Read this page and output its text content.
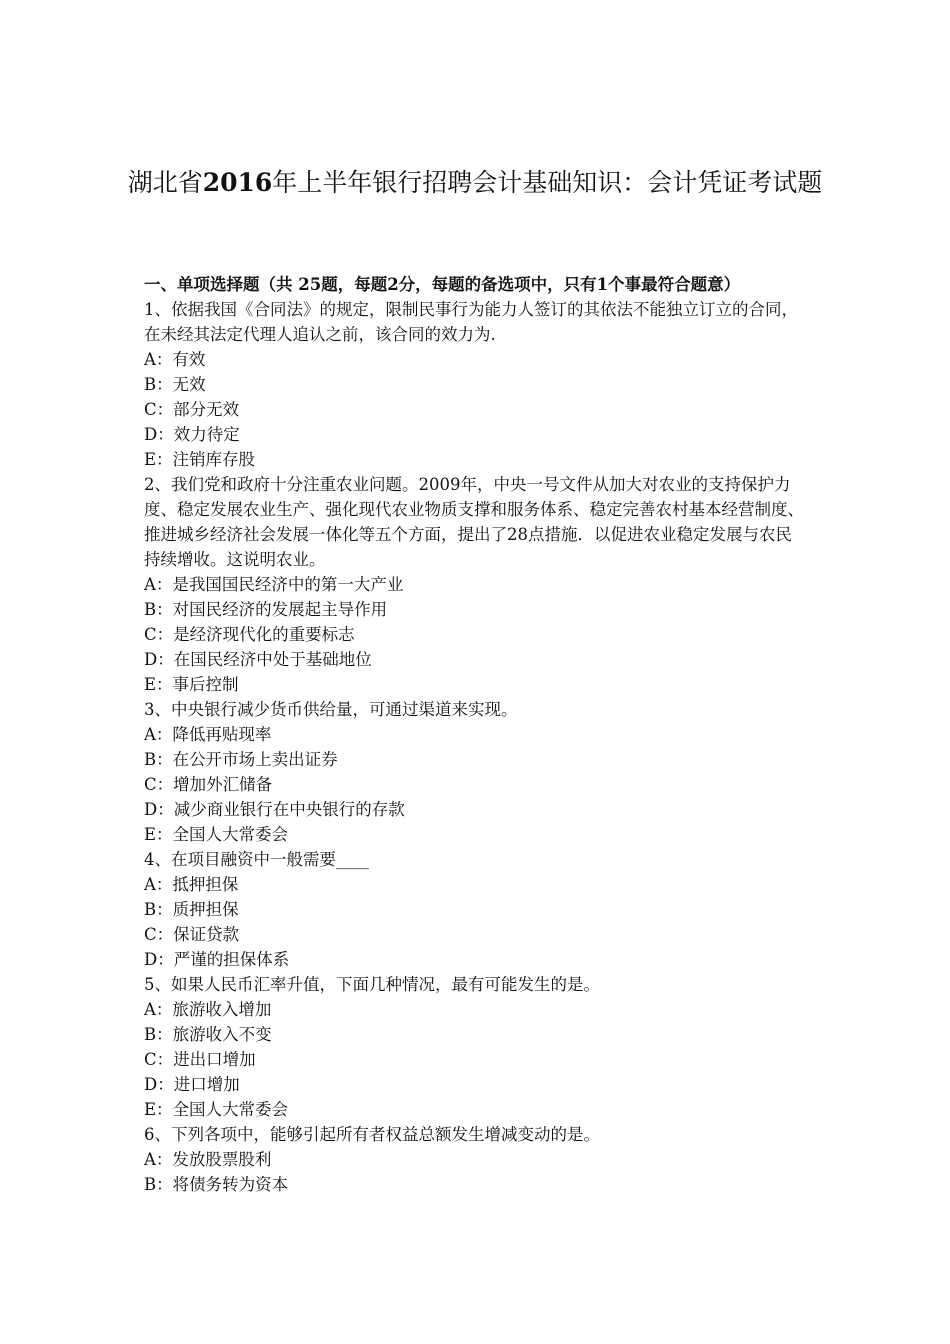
湖北省2016年上半年银行招聘会计基础知识：会计凭证考试题

一、单项选择题（共 25题，每题2分，每题的备选项中，只有1个事最符合题意）

1、依据我国《合同法》的规定，限制民事行为能力人签订的其依法不能独立订立的合同，在未经其法定代理人追认之前，该合同的效力为.

A：有效
B：无效
C：部分无效
D：效力待定
E：注销库存股

2、我们党和政府十分注重农业问题。2009年，中央一号文件从加大对农业的支持保护力度、稳定发展农业生产、强化现代农业物质支撑和服务体系、稳定完善农村基本经营制度、推进城乡经济社会发展一体化等五个方面，提出了28点措施．以促进农业稳定发展与农民持续增收。这说明农业。

A：是我国国民经济中的第一大产业
B：对国民经济的发展起主导作用
C：是经济现代化的重要标志
D：在国民经济中处于基础地位
E：事后控制

3、中央银行减少货币供给量，可通过渠道来实现。

A：降低再贴现率
B：在公开市场上卖出证券
C：增加外汇储备
D：减少商业银行在中央银行的存款
E：全国人大常委会

4、在项目融资中一般需要____

A：抵押担保
B：质押担保
C：保证贷款
D：严谨的担保体系

5、如果人民币汇率升值，下面几种情况，最有可能发生的是。

A：旅游收入增加
B：旅游收入不变
C：进出口增加
D：进口增加
E：全国人大常委会

6、下列各项中，能够引起所有者权益总额发生增减变动的是。

A：发放股票股利
B：将债务转为资本
